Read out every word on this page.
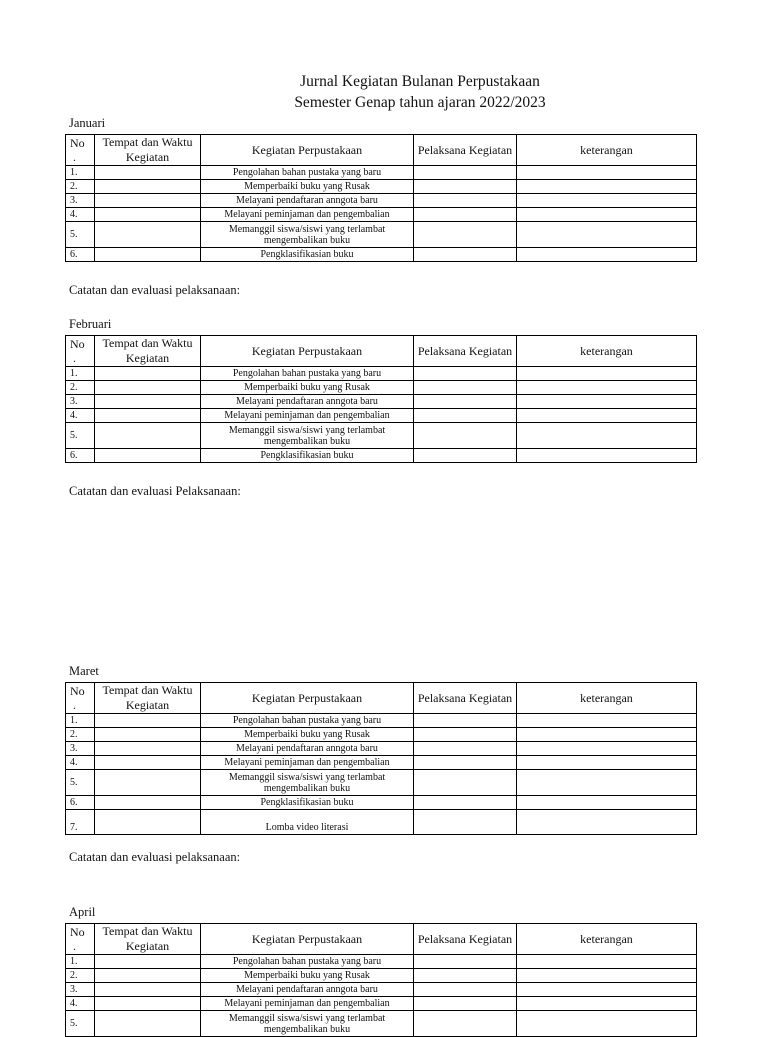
Jurnal Kegiatan Bulanan Perpustakaan
Semester Genap tahun ajaran 2022/2023
Januari
No
.	Tempat dan Waktu Kegiatan	Kegiatan Perpustakaan	Pelaksana Kegiatan	keterangan
1.		Pengolahan bahan pustaka yang baru		
2.		Memperbaiki buku yang Rusak		
3.		Melayani pendaftaran anngota baru		
4.		Melayani peminjaman dan pengembalian		
5.		Memanggil siswa/siswi yang terlambat mengembalikan buku		
6.		Pengklasifikasian buku		
Catatan dan evaluasi pelaksanaan:
Februari
No
.	Tempat dan Waktu Kegiatan	Kegiatan Perpustakaan	Pelaksana Kegiatan	keterangan
1.		Pengolahan bahan pustaka yang baru		
2.		Memperbaiki buku yang Rusak		
3.		Melayani pendaftaran anngota baru		
4.		Melayani peminjaman dan pengembalian		
5.		Memanggil siswa/siswi yang terlambat mengembalikan buku		
6.		Pengklasifikasian buku		
Catatan dan evaluasi Pelaksanaan:
Maret
No
.	Tempat dan Waktu Kegiatan	Kegiatan Perpustakaan	Pelaksana Kegiatan	keterangan
1.		Pengolahan bahan pustaka yang baru		
2.		Memperbaiki buku yang Rusak		
3.		Melayani pendaftaran anngota baru		
4.		Melayani peminjaman dan pengembalian		
5.		Memanggil siswa/siswi yang terlambat mengembalikan buku		
6.		Pengklasifikasian buku		
7.		Lomba video literasi		
Catatan dan evaluasi pelaksanaan:
April
No
.	Tempat dan Waktu Kegiatan	Kegiatan Perpustakaan	Pelaksana Kegiatan	keterangan
1.		Pengolahan bahan pustaka yang baru		
2.		Memperbaiki buku yang Rusak		
3.		Melayani pendaftaran anngota baru		
4.		Melayani peminjaman dan pengembalian		
5.		Memanggil siswa/siswi yang terlambat mengembalikan buku		
